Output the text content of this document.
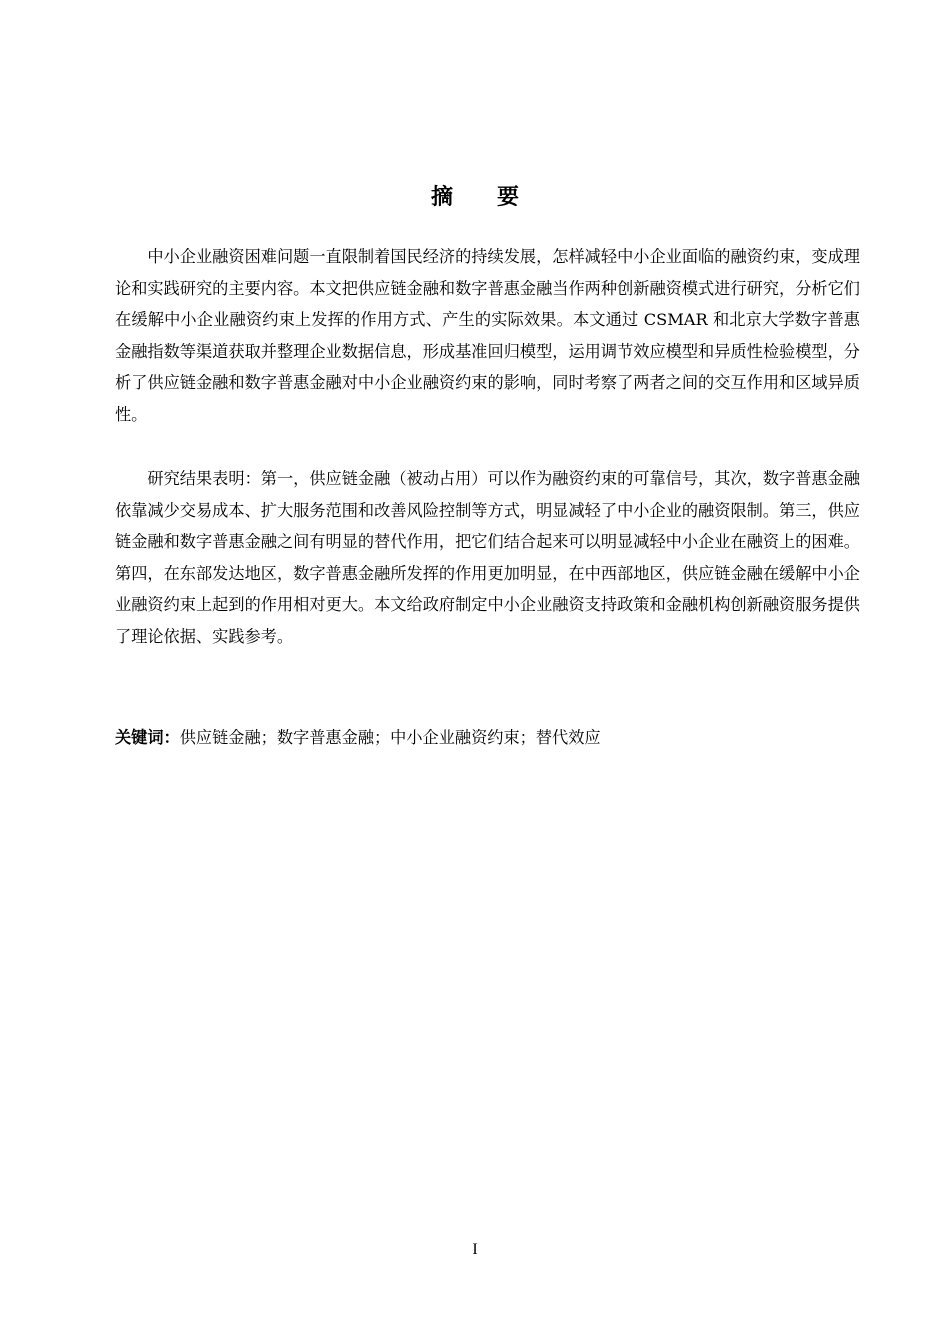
摘 要

中小企业融资困难问题一直限制着国民经济的持续发展，怎样减轻中小企业面临的融资约束，变成理论和实践研究的主要内容。本文把供应链金融和数字普惠金融当作两种创新融资模式进行研究，分析它们在缓解中小企业融资约束上发挥的作用方式、产生的实际效果。本文通过 CSMAR 和北京大学数字普惠金融指数等渠道获取并整理企业数据信息，形成基准回归模型，运用调节效应模型和异质性检验模型，分析了供应链金融和数字普惠金融对中小企业融资约束的影响，同时考察了两者之间的交互作用和区域异质性。

研究结果表明：第一，供应链金融（被动占用）可以作为融资约束的可靠信号，其次，数字普惠金融依靠减少交易成本、扩大服务范围和改善风险控制等方式，明显减轻了中小企业的融资限制。第三，供应链金融和数字普惠金融之间有明显的替代作用，把它们结合起来可以明显减轻中小企业在融资上的困难。第四，在东部发达地区，数字普惠金融所发挥的作用更加明显，在中西部地区，供应链金融在缓解中小企业融资约束上起到的作用相对更大。本文给政府制定中小企业融资支持政策和金融机构创新融资服务提供了理论依据、实践参考。

关键词：供应链金融；数字普惠金融；中小企业融资约束；替代效应

I
